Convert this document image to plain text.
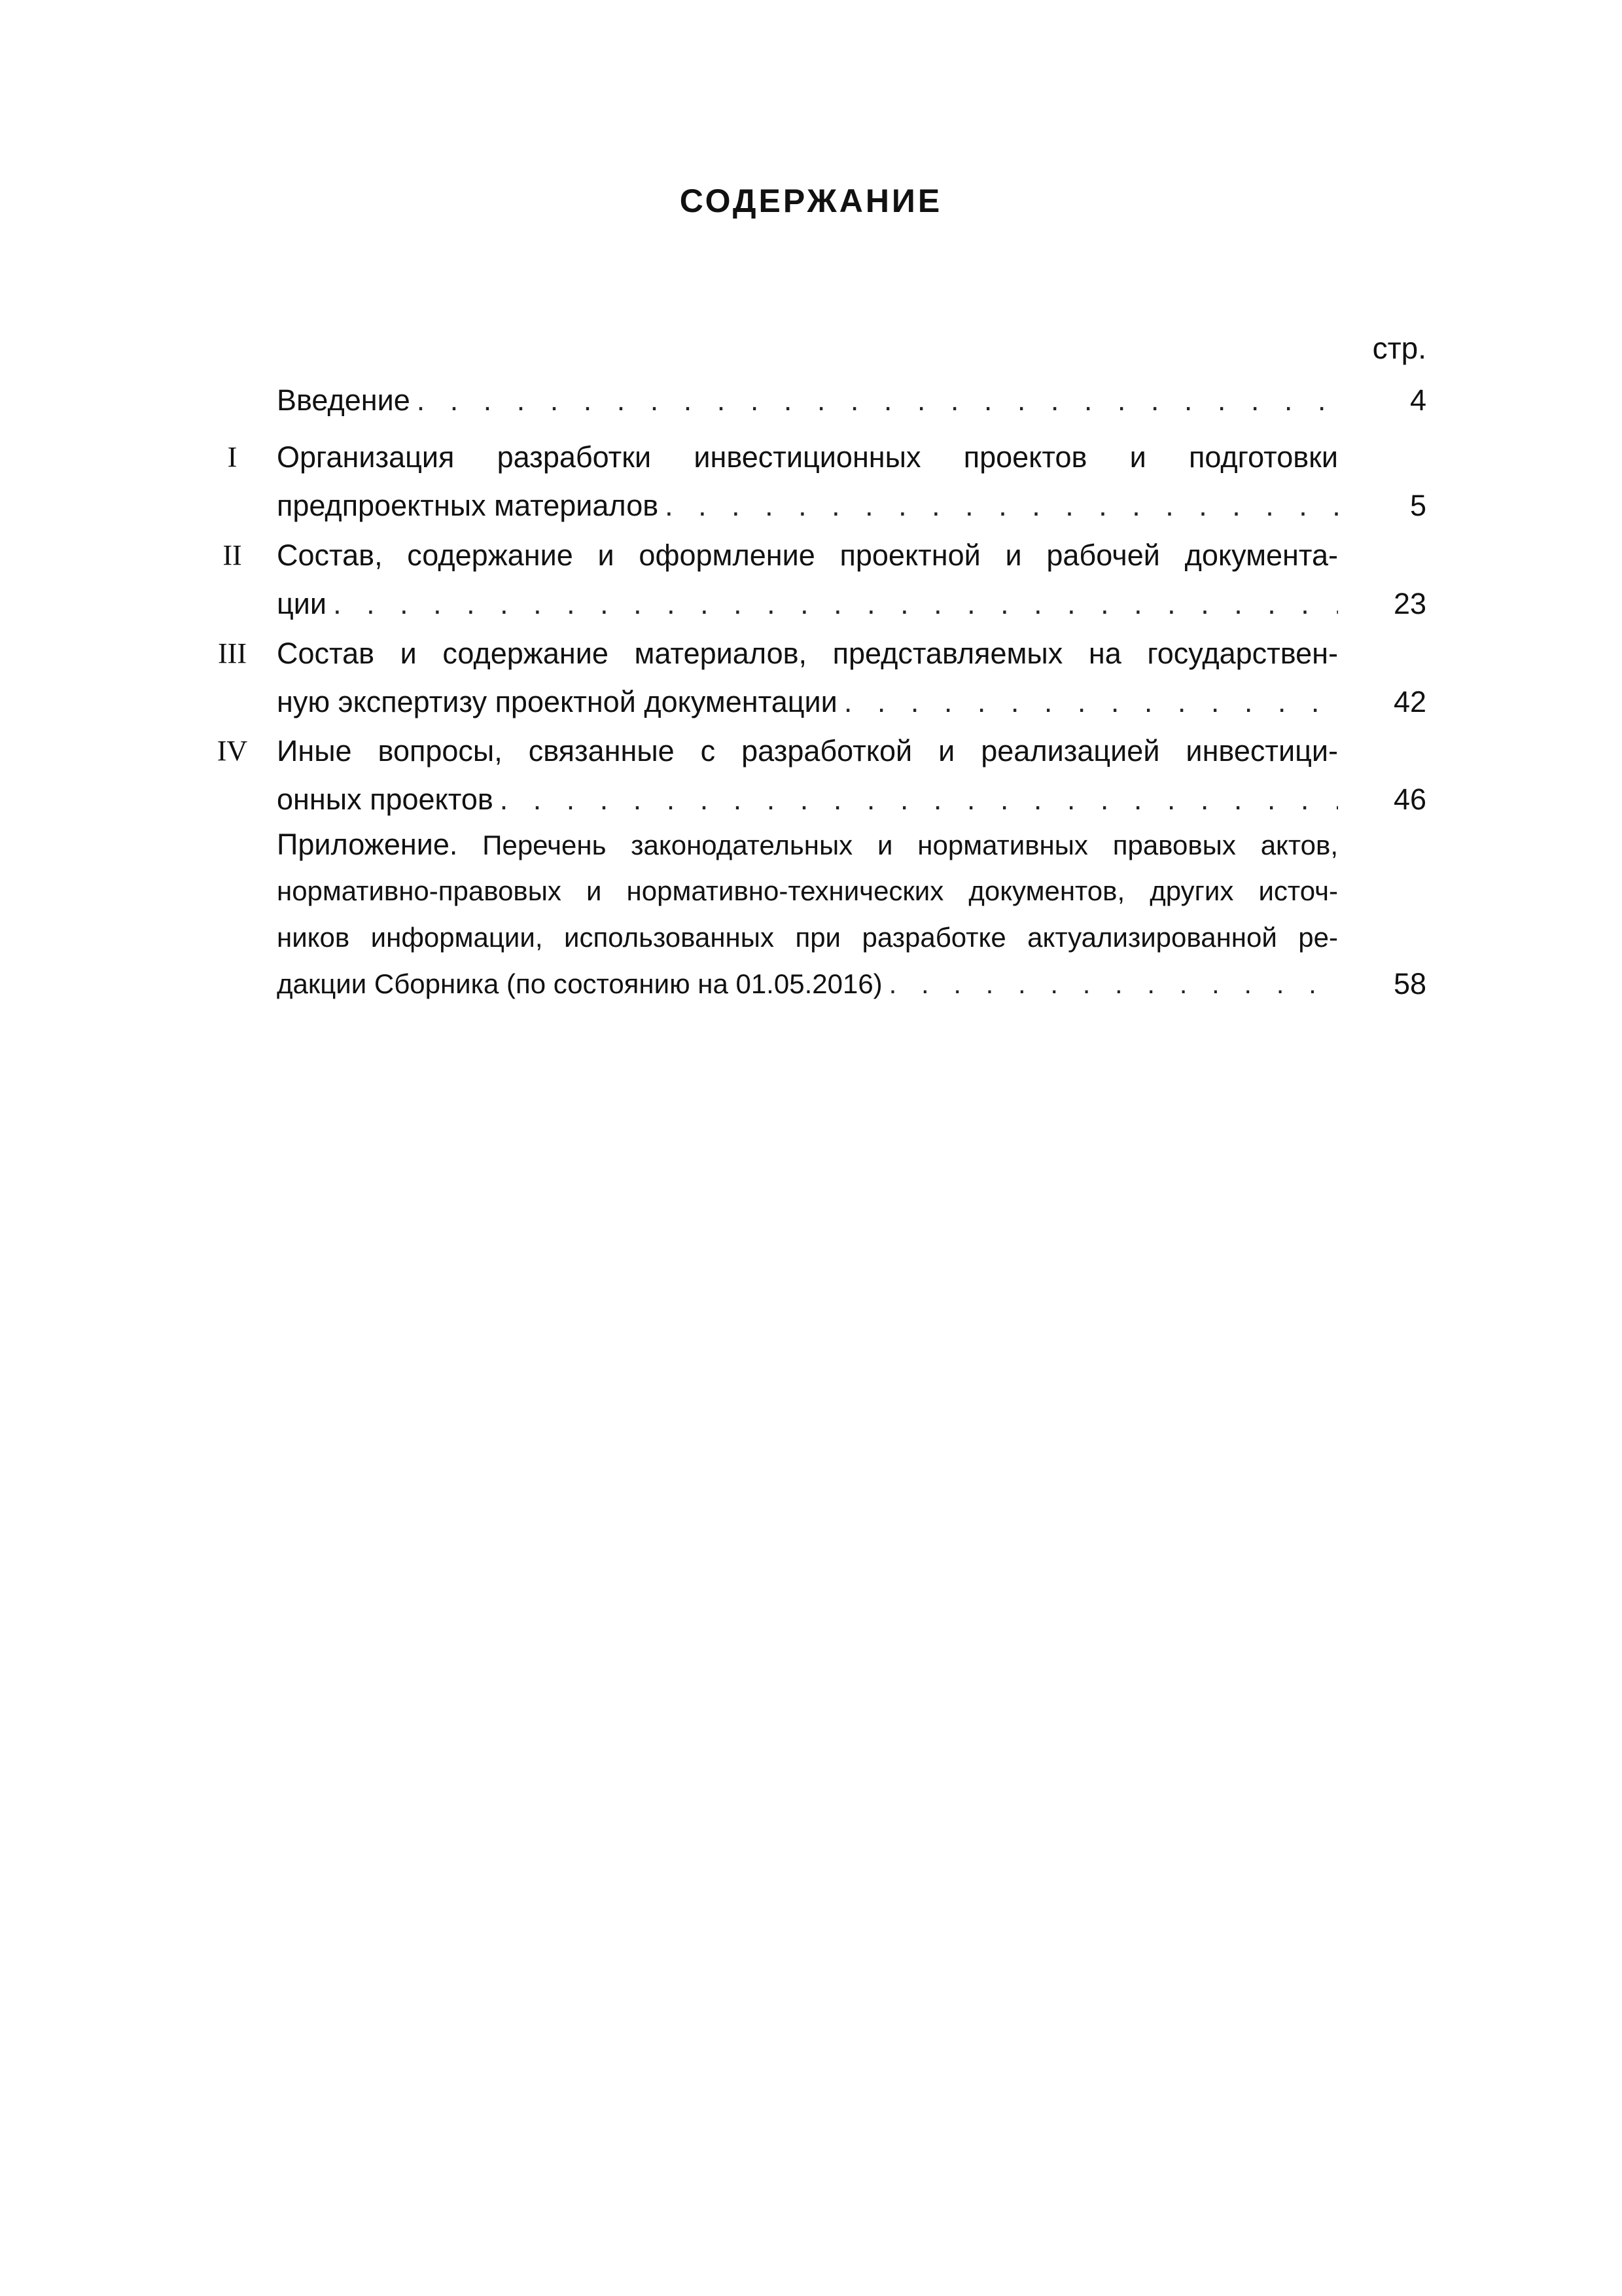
СОДЕРЖАНИЕ
стр.
Введение . . .	4
I	Организация разработки инвестиционных проектов и подготовки
предпроектных материалов . . .	5
II	Состав, содержание и оформление проектной и рабочей документа-
ции . . .	23
III	Состав и содержание материалов, представляемых на государствен-
ную экспертизу проектной документации . . .	42
IV Иные вопросы, связанные с разработкой и реализацией инвестици-
онных проектов . . .	46
Приложение. Перечень законодательных и нормативных правовых актов,
нормативно-правовых и нормативно-технических документов, других источ-
ников информации, использованных при разработке актуализированной ре-
дакции Сборника (по состоянию на 01.05.2016) . . .	58
